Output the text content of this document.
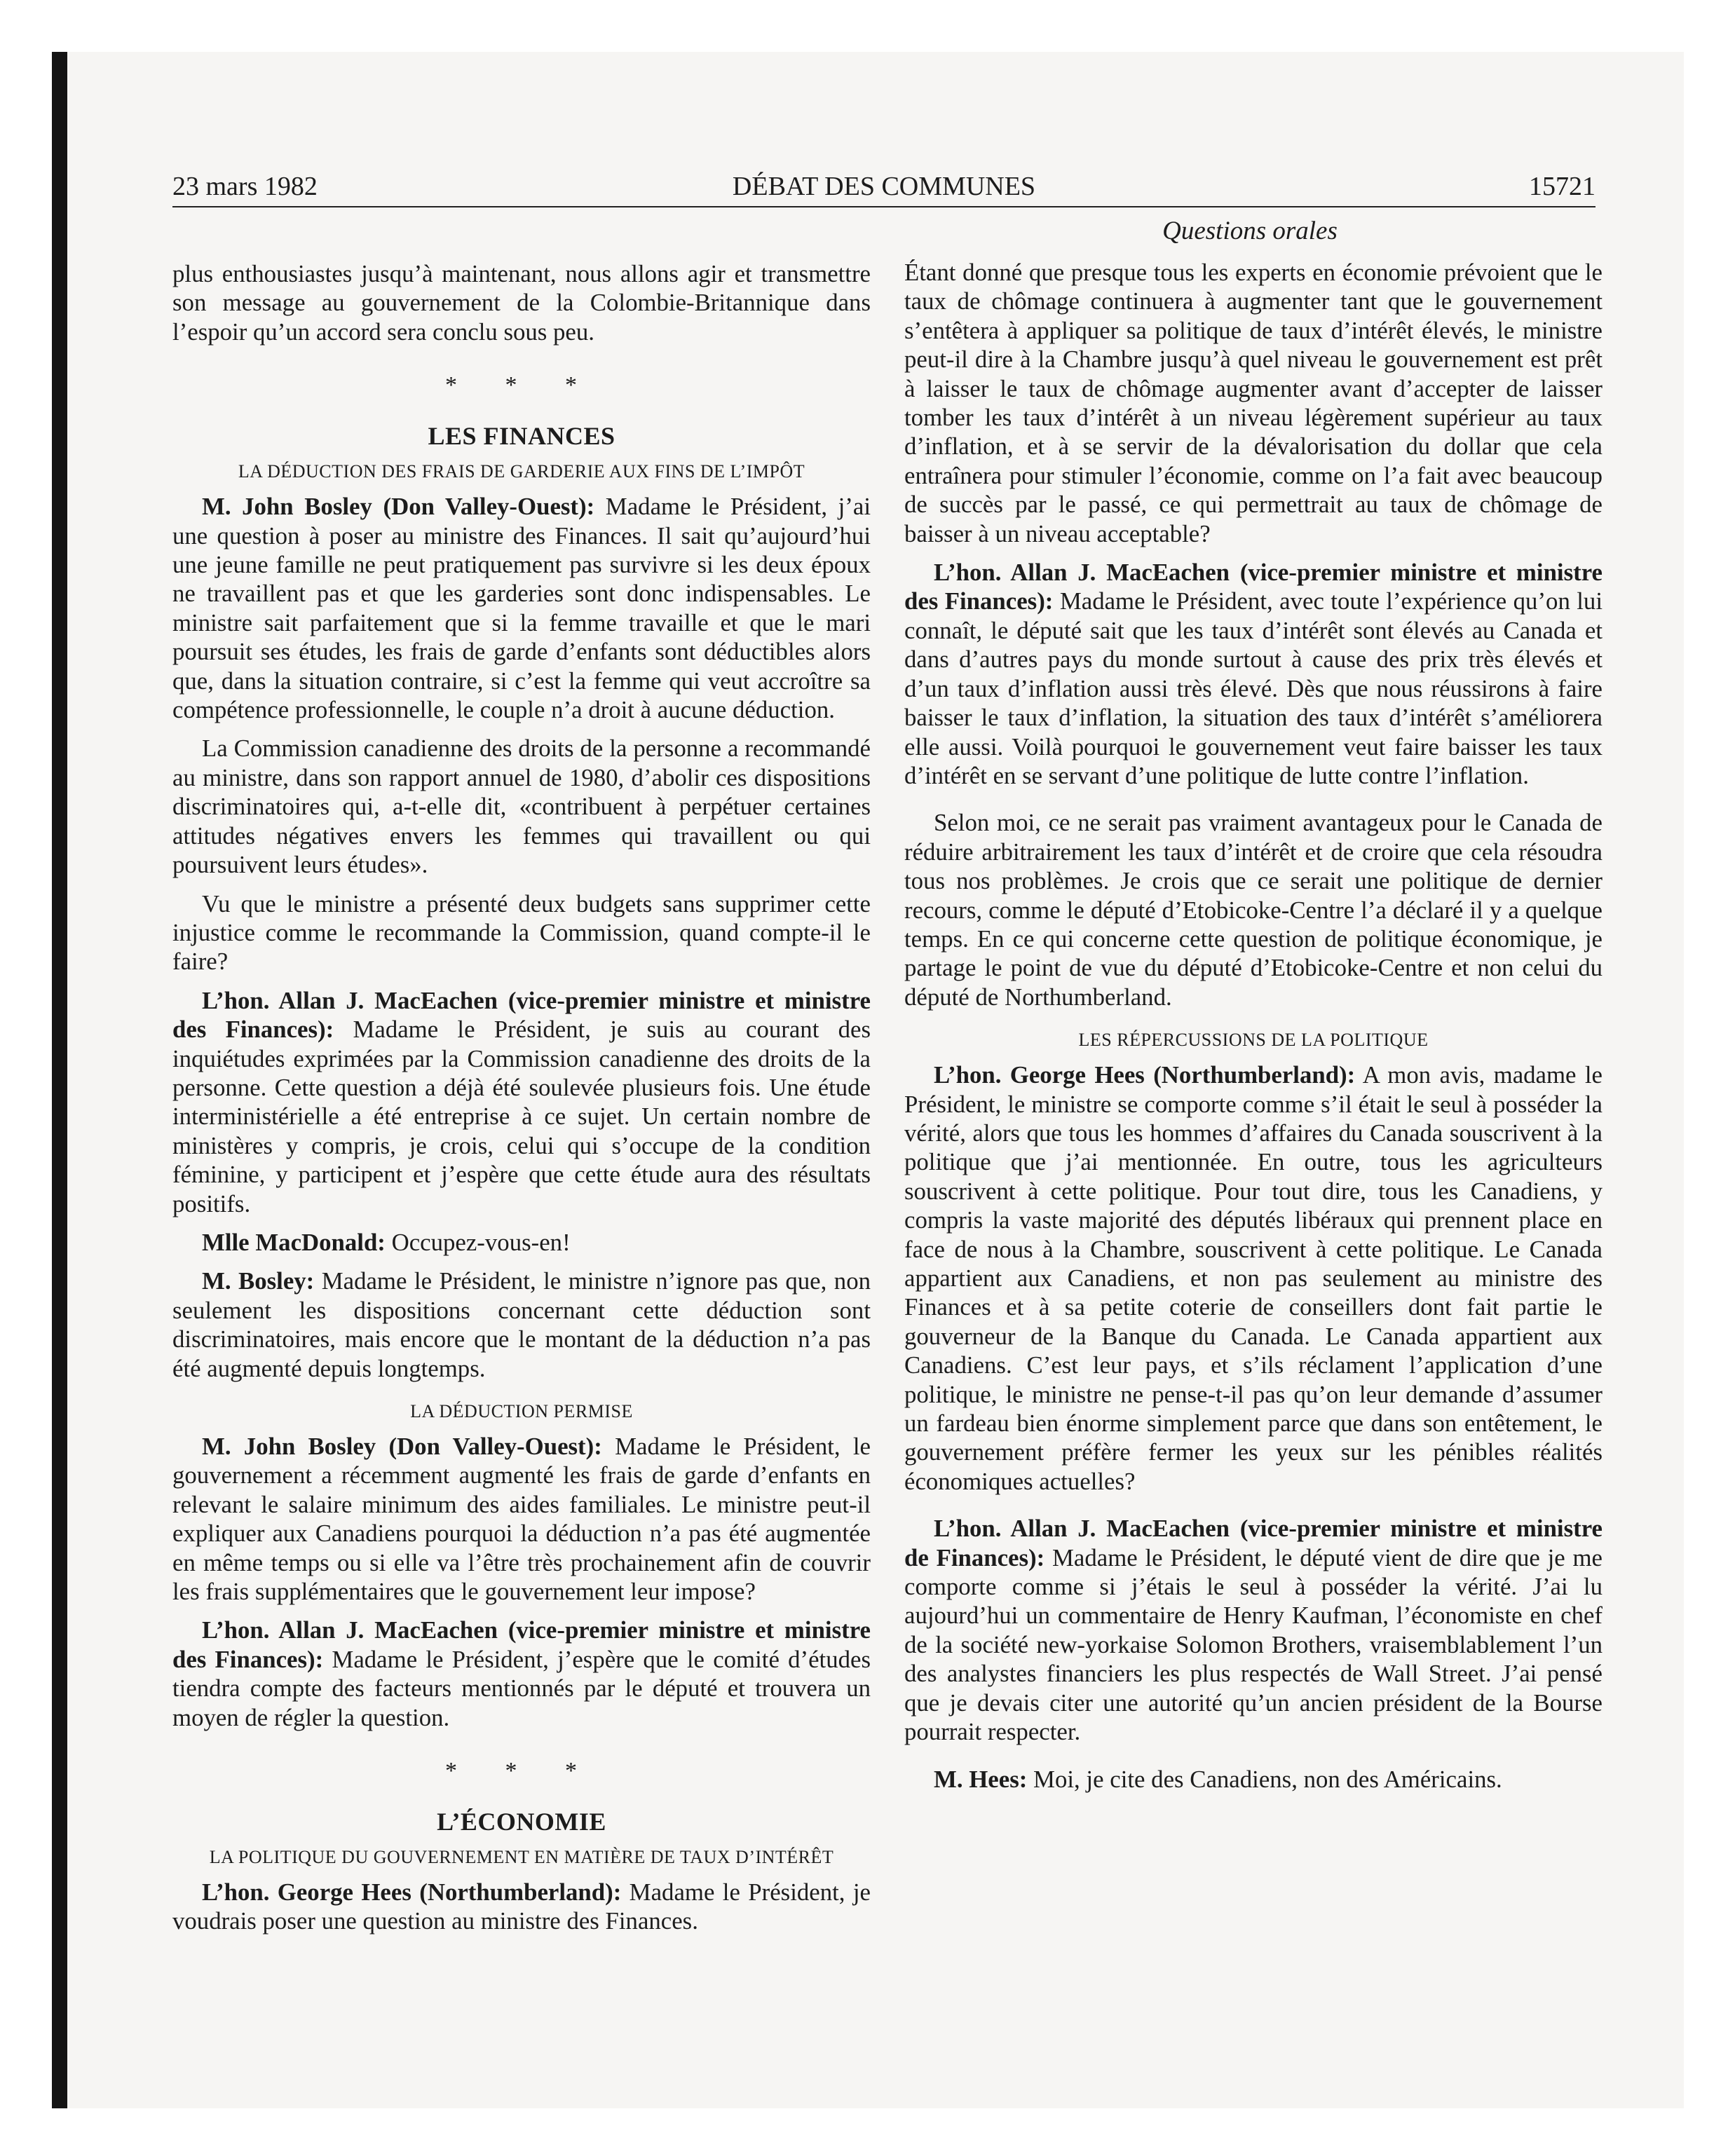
23 mars 1982	DÉBAT DES COMMUNES	15721
Questions orales

plus enthousiastes jusqu’à maintenant, nous allons agir et transmettre son message au gouvernement de la Colombie-Britannique dans l’espoir qu’un accord sera conclu sous peu.

* * *
LES FINANCES
LA DÉDUCTION DES FRAIS DE GARDERIE AUX FINS DE L’IMPÔT

M. John Bosley (Don Valley-Ouest): Madame le Président, j’ai une question à poser au ministre des Finances. Il sait qu’aujourd’hui une jeune famille ne peut pratiquement pas survivre si les deux époux ne travaillent pas et que les garderies sont donc indispensables. Le ministre sait parfaitement que si la femme travaille et que le mari poursuit ses études, les frais de garde d’enfants sont déductibles alors que, dans la situation contraire, si c’est la femme qui veut accroître sa compétence professionnelle, le couple n’a droit à aucune déduction.

La Commission canadienne des droits de la personne a recommandé au ministre, dans son rapport annuel de 1980, d’abolir ces dispositions discriminatoires qui, a-t-elle dit, «contribuent à perpétuer certaines attitudes négatives envers les femmes qui travaillent ou qui poursuivent leurs études».

Vu que le ministre a présenté deux budgets sans supprimer cette injustice comme le recommande la Commission, quand compte-il le faire?

L’hon. Allan J. MacEachen (vice-premier ministre et ministre des Finances): Madame le Président, je suis au courant des inquiétudes exprimées par la Commission canadienne des droits de la personne. Cette question a déjà été soulevée plusieurs fois. Une étude interministérielle a été entreprise à ce sujet. Un certain nombre de ministères y compris, je crois, celui qui s’occupe de la condition féminine, y participent et j’espère que cette étude aura des résultats positifs.

Mlle MacDonald: Occupez-vous-en!

M. Bosley: Madame le Président, le ministre n’ignore pas que, non seulement les dispositions concernant cette déduction sont discriminatoires, mais encore que le montant de la déduction n’a pas été augmenté depuis longtemps.

LA DÉDUCTION PERMISE

M. John Bosley (Don Valley-Ouest): Madame le Président, le gouvernement a récemment augmenté les frais de garde d’enfants en relevant le salaire minimum des aides familiales. Le ministre peut-il expliquer aux Canadiens pourquoi la déduction n’a pas été augmentée en même temps ou si elle va l’être très prochainement afin de couvrir les frais supplémentaires que le gouvernement leur impose?

L’hon. Allan J. MacEachen (vice-premier ministre et ministre des Finances): Madame le Président, j’espère que le comité d’études tiendra compte des facteurs mentionnés par le député et trouvera un moyen de régler la question.

* * *
L’ÉCONOMIE
LA POLITIQUE DU GOUVERNEMENT EN MATIÈRE DE TAUX D’INTÉRÊT

L’hon. George Hees (Northumberland): Madame le Président, je voudrais poser une question au ministre des Finances.

Étant donné que presque tous les experts en économie prévoient que le taux de chômage continuera à augmenter tant que le gouvernement s’entêtera à appliquer sa politique de taux d’intérêt élevés, le ministre peut-il dire à la Chambre jusqu’à quel niveau le gouvernement est prêt à laisser le taux de chômage augmenter avant d’accepter de laisser tomber les taux d’intérêt à un niveau légèrement supérieur au taux d’inflation, et à se servir de la dévalorisation du dollar que cela entraînera pour stimuler l’économie, comme on l’a fait avec beaucoup de succès par le passé, ce qui permettrait au taux de chômage de baisser à un niveau acceptable?

L’hon. Allan J. MacEachen (vice-premier ministre et ministre des Finances): Madame le Président, avec toute l’expérience qu’on lui connaît, le député sait que les taux d’intérêt sont élevés au Canada et dans d’autres pays du monde surtout à cause des prix très élevés et d’un taux d’inflation aussi très élevé. Dès que nous réussirons à faire baisser le taux d’inflation, la situation des taux d’intérêt s’améliorera elle aussi. Voilà pourquoi le gouvernement veut faire baisser les taux d’intérêt en se servant d’une politique de lutte contre l’inflation.

Selon moi, ce ne serait pas vraiment avantageux pour le Canada de réduire arbitrairement les taux d’intérêt et de croire que cela résoudra tous nos problèmes. Je crois que ce serait une politique de dernier recours, comme le député d’Etobicoke-Centre l’a déclaré il y a quelque temps. En ce qui concerne cette question de politique économique, je partage le point de vue du député d’Etobicoke-Centre et non celui du député de Northumberland.

LES RÉPERCUSSIONS DE LA POLITIQUE

L’hon. George Hees (Northumberland): A mon avis, madame le Président, le ministre se comporte comme s’il était le seul à posséder la vérité, alors que tous les hommes d’affaires du Canada souscrivent à la politique que j’ai mentionnée. En outre, tous les agriculteurs souscrivent à cette politique. Pour tout dire, tous les Canadiens, y compris la vaste majorité des députés libéraux qui prennent place en face de nous à la Chambre, souscrivent à cette politique. Le Canada appartient aux Canadiens, et non pas seulement au ministre des Finances et à sa petite coterie de conseillers dont fait partie le gouverneur de la Banque du Canada. Le Canada appartient aux Canadiens. C’est leur pays, et s’ils réclament l’application d’une politique, le ministre ne pense-t-il pas qu’on leur demande d’assumer un fardeau bien énorme simplement parce que dans son entêtement, le gouvernement préfère fermer les yeux sur les pénibles réalités économiques actuelles?

L’hon. Allan J. MacEachen (vice-premier ministre et ministre de Finances): Madame le Président, le député vient de dire que je me comporte comme si j’étais le seul à posséder la vérité. J’ai lu aujourd’hui un commentaire de Henry Kaufman, l’économiste en chef de la société new-yorkaise Solomon Brothers, vraisemblablement l’un des analystes financiers les plus respectés de Wall Street. J’ai pensé que je devais citer une autorité qu’un ancien président de la Bourse pourrait respecter.

M. Hees: Moi, je cite des Canadiens, non des Américains.
